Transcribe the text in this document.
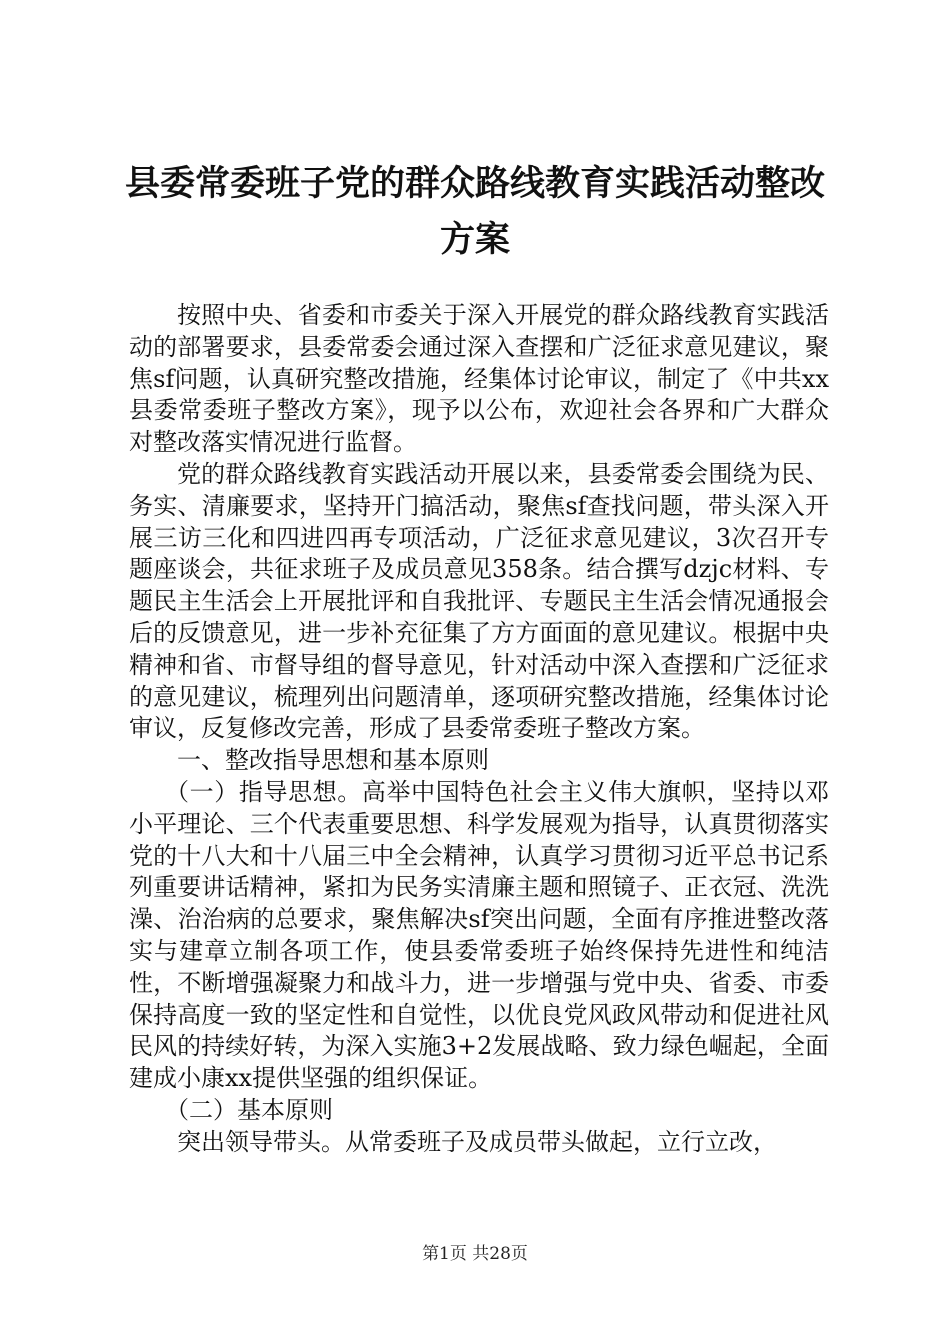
县委常委班子党的群众路线教育实践活动整改
方案

按照中央、省委和市委关于深入开展党的群众路线教育实践活动的部署要求，县委常委会通过深入查摆和广泛征求意见建议，聚焦sf问题，认真研究整改措施，经集体讨论审议，制定了《中共xx县委常委班子整改方案》，现予以公布，欢迎社会各界和广大群众对整改落实情况进行监督。

党的群众路线教育实践活动开展以来，县委常委会围绕为民、务实、清廉要求，坚持开门搞活动，聚焦sf查找问题，带头深入开展三访三化和四进四再专项活动，广泛征求意见建议，3次召开专题座谈会，共征求班子及成员意见358条。结合撰写dzjc材料、专题民主生活会上开展批评和自我批评、专题民主生活会情况通报会后的反馈意见，进一步补充征集了方方面面的意见建议。根据中央精神和省、市督导组的督导意见，针对活动中深入查摆和广泛征求的意见建议，梳理列出问题清单，逐项研究整改措施，经集体讨论审议，反复修改完善，形成了县委常委班子整改方案。

一、整改指导思想和基本原则

（一）指导思想。高举中国特色社会主义伟大旗帜，坚持以邓小平理论、三个代表重要思想、科学发展观为指导，认真贯彻落实党的十八大和十八届三中全会精神，认真学习贯彻习近平总书记系列重要讲话精神，紧扣为民务实清廉主题和照镜子、正衣冠、洗洗澡、治治病的总要求，聚焦解决sf突出问题，全面有序推进整改落实与建章立制各项工作，使县委常委班子始终保持先进性和纯洁性，不断增强凝聚力和战斗力，进一步增强与党中央、省委、市委保持高度一致的坚定性和自觉性，以优良党风政风带动和促进社风民风的持续好转，为深入实施3+2发展战略、致力绿色崛起，全面建成小康xx提供坚强的组织保证。

（二）基本原则

突出领导带头。从常委班子及成员带头做起，立行立改，

第1页 共28页
